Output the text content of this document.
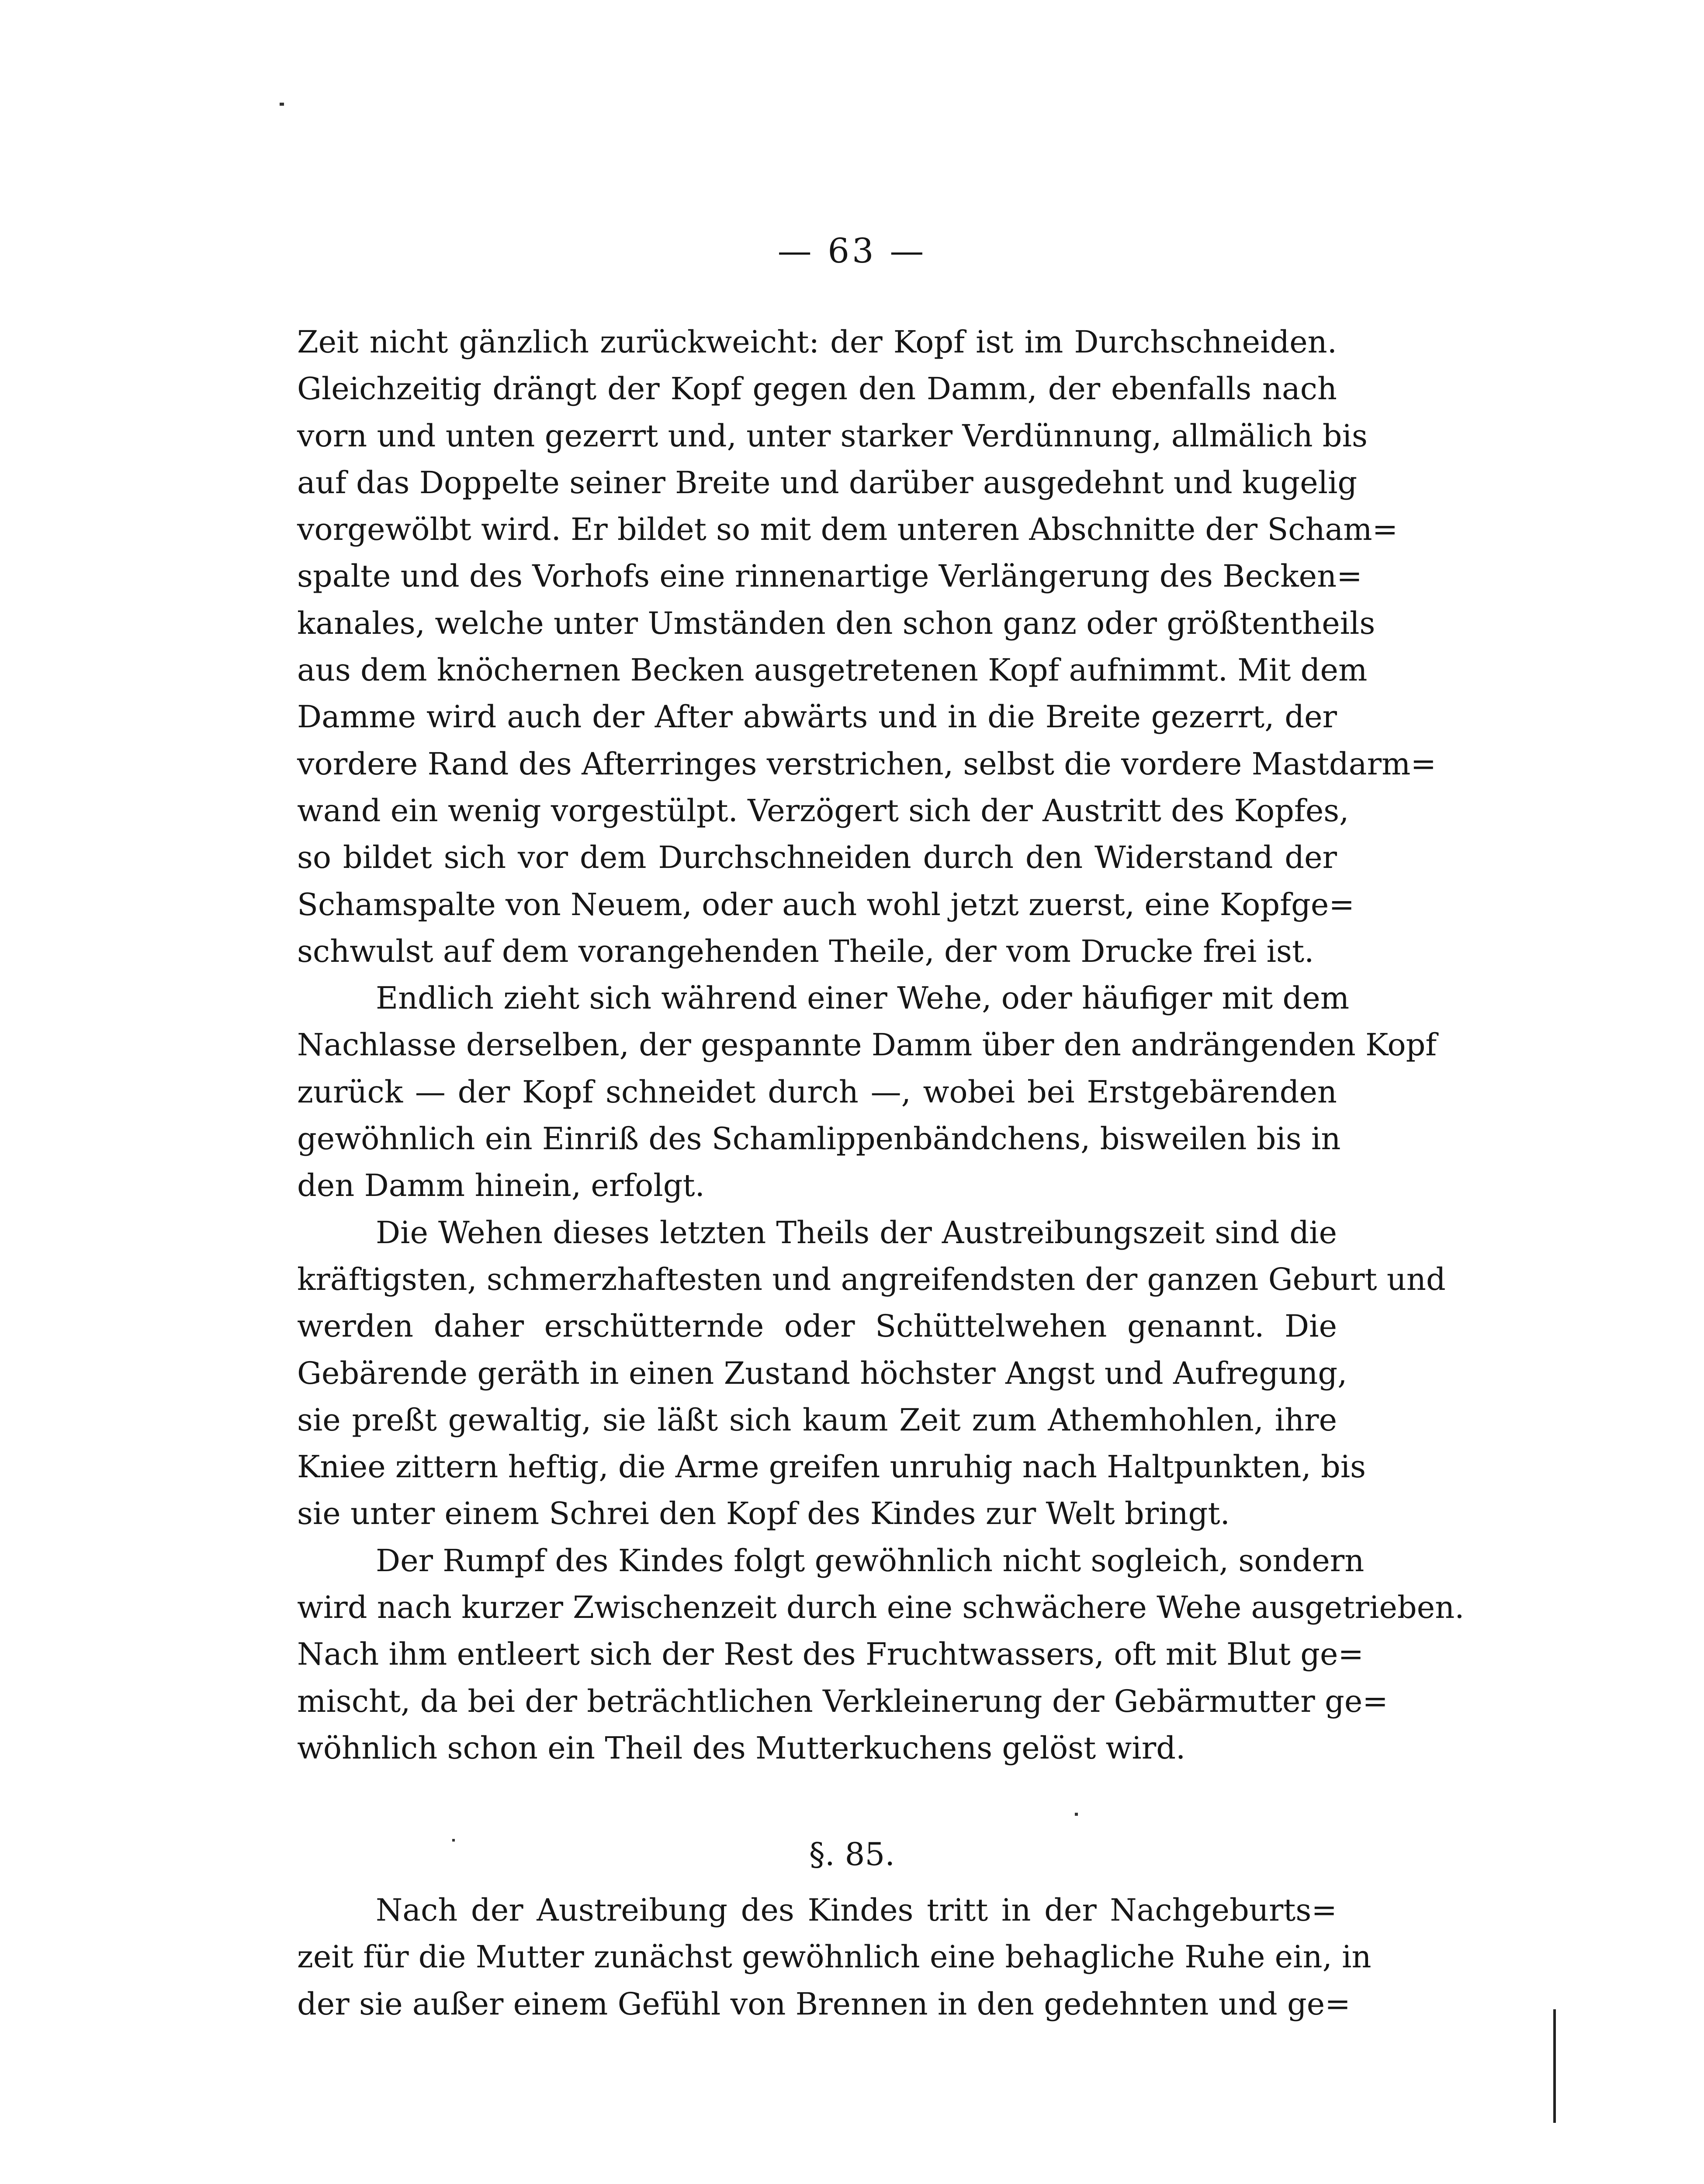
— 63 —
Zeit nicht gänzlich zurückweicht: der Kopf ist im Durchschneiden.
Gleichzeitig drängt der Kopf gegen den Damm, der ebenfalls nach
vorn und unten gezerrt und, unter starker Verdünnung, allmälich bis
auf das Doppelte seiner Breite und darüber ausgedehnt und kugelig
vorgewölbt wird. Er bildet so mit dem unteren Abschnitte der Scham=
spalte und des Vorhofs eine rinnenartige Verlängerung des Becken=
kanales, welche unter Umständen den schon ganz oder größtentheils
aus dem knöchernen Becken ausgetretenen Kopf aufnimmt. Mit dem
Damme wird auch der After abwärts und in die Breite gezerrt, der
vordere Rand des Afterringes verstrichen, selbst die vordere Mastdarm=
wand ein wenig vorgestülpt. Verzögert sich der Austritt des Kopfes,
so bildet sich vor dem Durchschneiden durch den Widerstand der
Schamspalte von Neuem, oder auch wohl jetzt zuerst, eine Kopfge=
schwulst auf dem vorangehenden Theile, der vom Drucke frei ist.
Endlich zieht sich während einer Wehe, oder häufiger mit dem
Nachlasse derselben, der gespannte Damm über den andrängenden Kopf
zurück — der Kopf schneidet durch —, wobei bei Erstgebärenden
gewöhnlich ein Einriß des Schamlippenbändchens, bisweilen bis in
den Damm hinein, erfolgt.
Die Wehen dieses letzten Theils der Austreibungszeit sind die
kräftigsten, schmerzhaftesten und angreifendsten der ganzen Geburt und
werden daher erschütternde oder Schüttelwehen genannt. Die
Gebärende geräth in einen Zustand höchster Angst und Aufregung,
sie preßt gewaltig, sie läßt sich kaum Zeit zum Athemhohlen, ihre
Kniee zittern heftig, die Arme greifen unruhig nach Haltpunkten, bis
sie unter einem Schrei den Kopf des Kindes zur Welt bringt.
Der Rumpf des Kindes folgt gewöhnlich nicht sogleich, sondern
wird nach kurzer Zwischenzeit durch eine schwächere Wehe ausgetrieben.
Nach ihm entleert sich der Rest des Fruchtwassers, oft mit Blut ge=
mischt, da bei der beträchtlichen Verkleinerung der Gebärmutter ge=
wöhnlich schon ein Theil des Mutterkuchens gelöst wird.
§. 85.
Nach der Austreibung des Kindes tritt in der Nachgeburts=
zeit für die Mutter zunächst gewöhnlich eine behagliche Ruhe ein, in
der sie außer einem Gefühl von Brennen in den gedehnten und ge=
